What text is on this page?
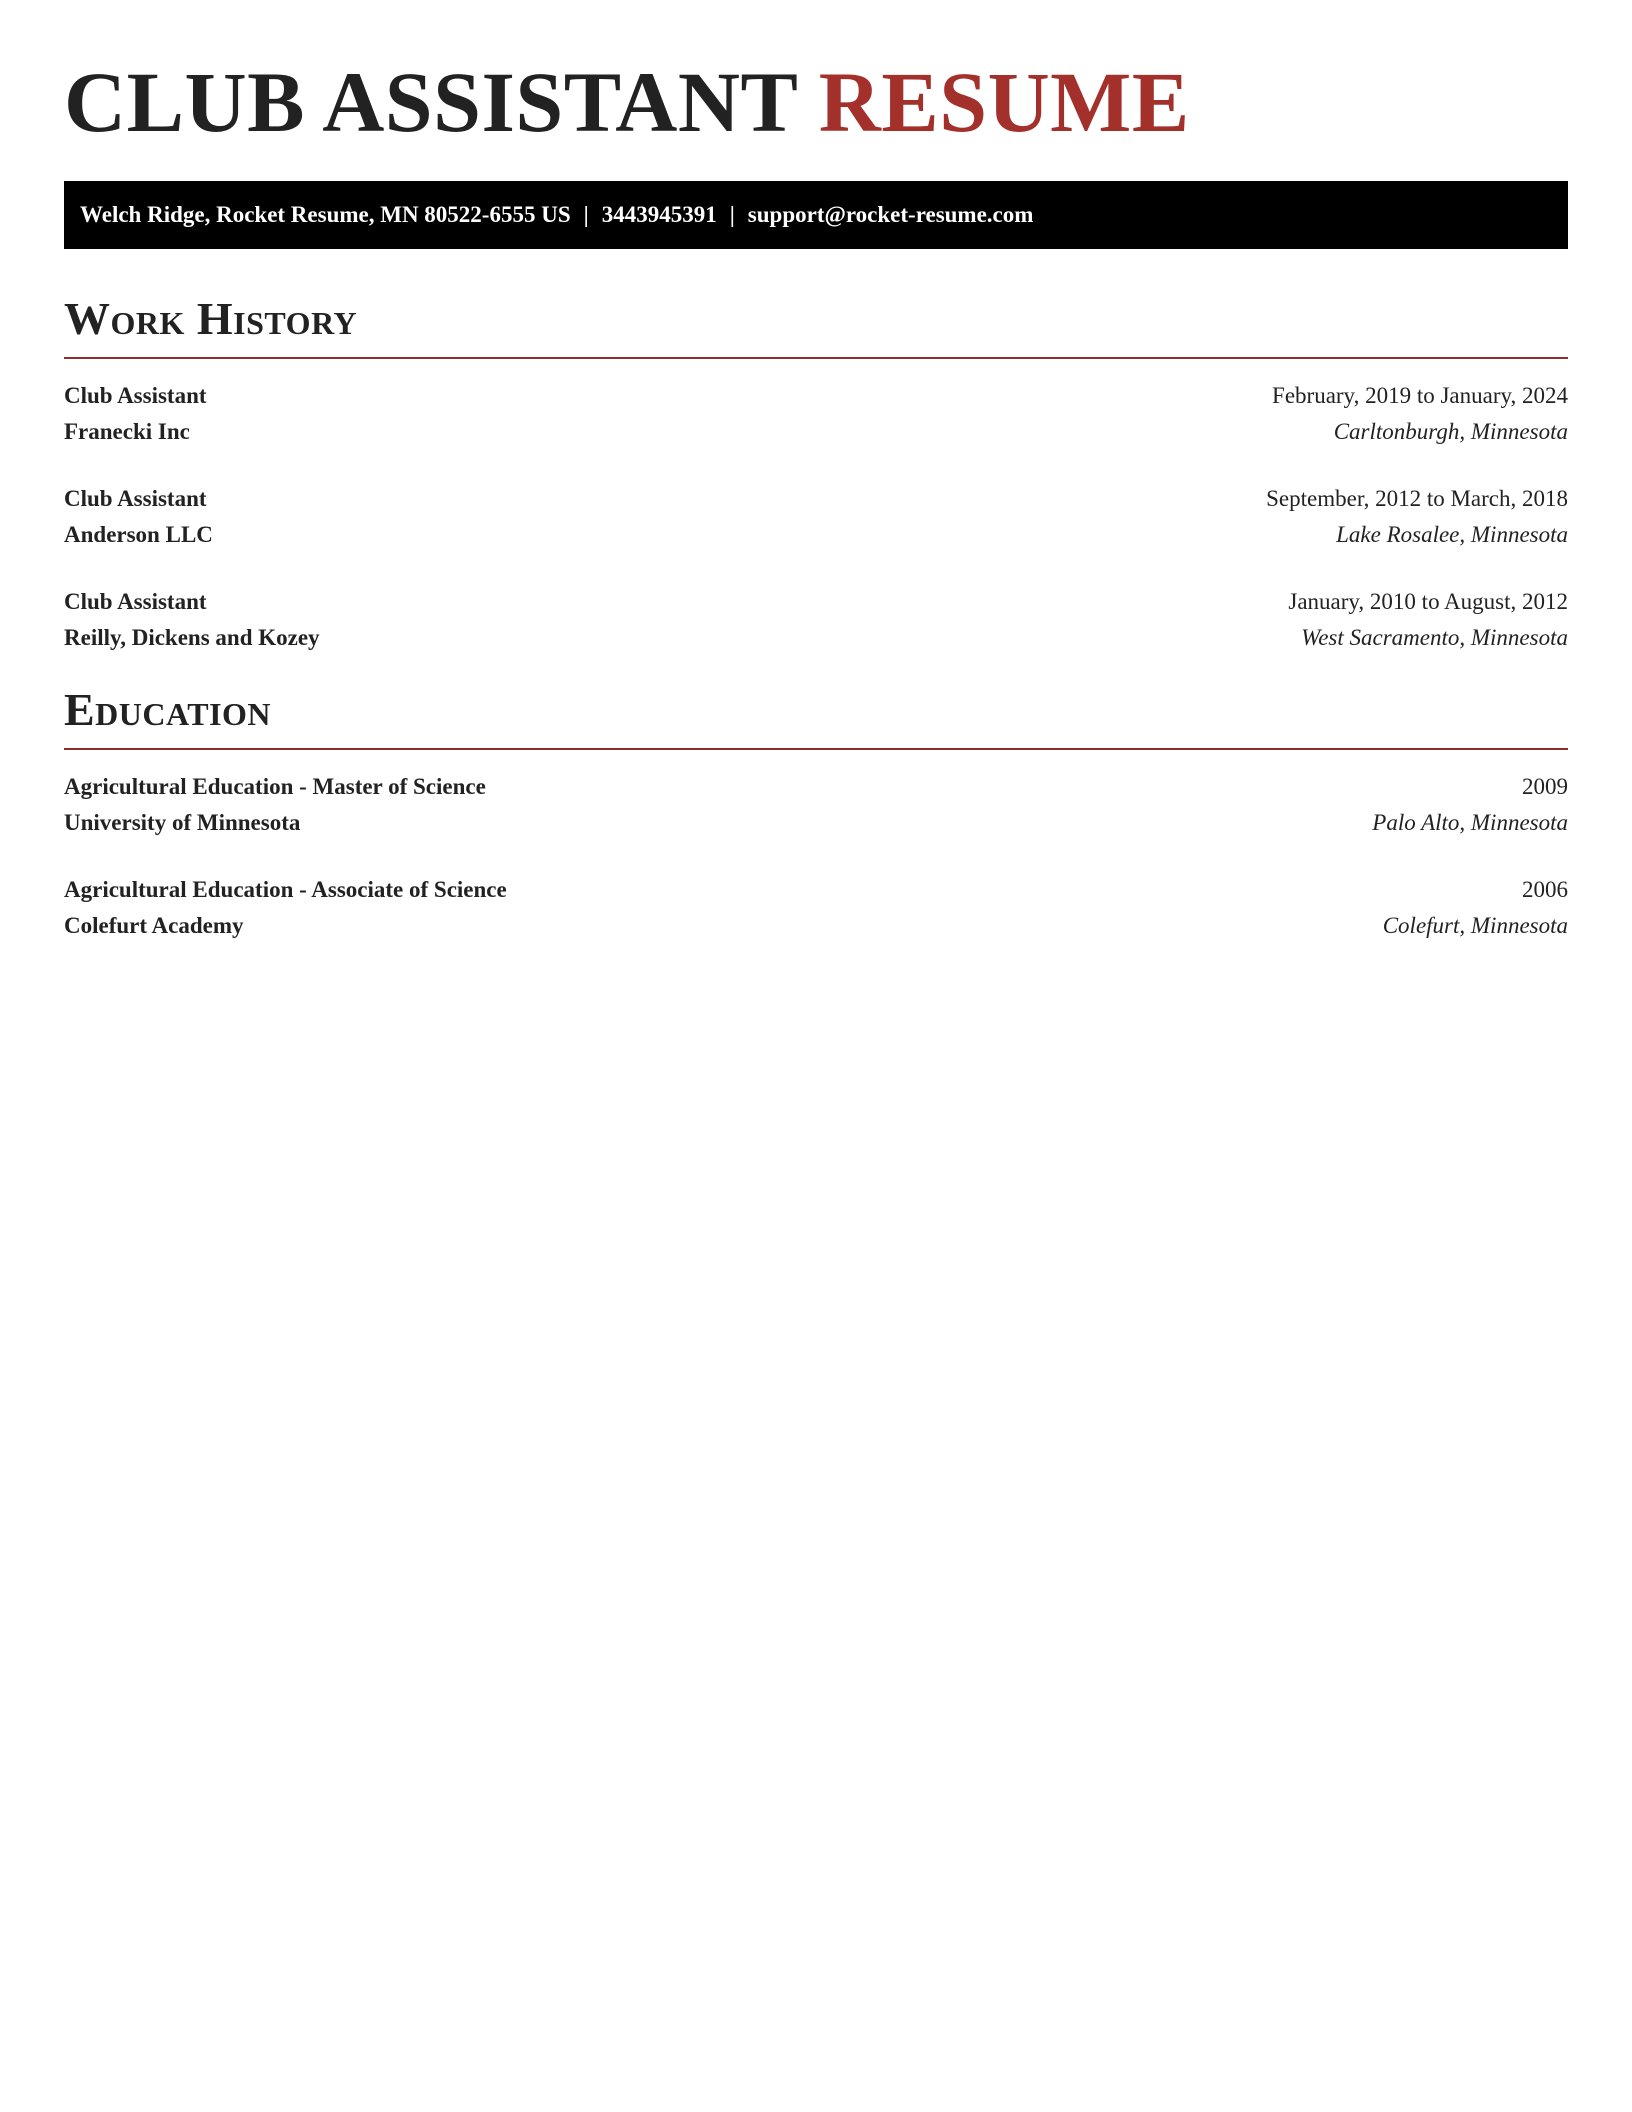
CLUB ASSISTANT RESUME
Welch Ridge, Rocket Resume, MN 80522-6555 US | 3443945391 | support@rocket-resume.com
Work History
Club Assistant	February, 2019 to January, 2024
Franecki Inc	Carltonburgh, Minnesota
Club Assistant	September, 2012 to March, 2018
Anderson LLC	Lake Rosalee, Minnesota
Club Assistant	January, 2010 to August, 2012
Reilly, Dickens and Kozey	West Sacramento, Minnesota
Education
Agricultural Education - Master of Science	2009
University of Minnesota	Palo Alto, Minnesota
Agricultural Education - Associate of Science	2006
Colefurt Academy	Colefurt, Minnesota
